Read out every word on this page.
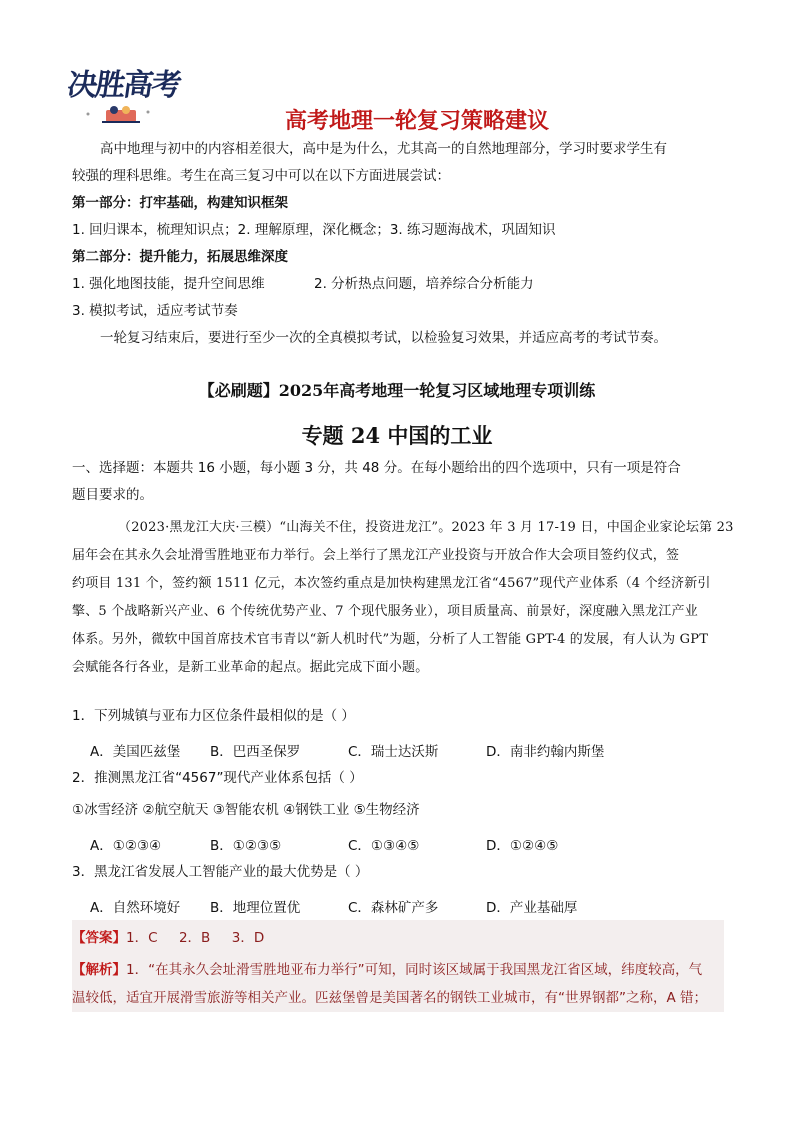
决胜高考
高考地理一轮复习策略建议
高中地理与初中的内容相差很大，高中是为什么，尤其高一的自然地理部分，学习时要求学生有
较强的理科思维。考生在高三复习中可以在以下方面进展尝试：
第一部分：打牢基础，构建知识框架
1. 回归课本，梳理知识点；2. 理解原理，深化概念；3. 练习题海战术，巩固知识
第二部分：提升能力，拓展思维深度
1. 强化地图技能，提升空间思维	2. 分析热点问题，培养综合分析能力
3. 模拟考试，适应考试节奏
一轮复习结束后，要进行至少一次的全真模拟考试，以检验复习效果，并适应高考的考试节奏。
【必刷题】2025年高考地理一轮复习区域地理专项训练
专题 24 中国的工业
一、选择题：本题共 16 小题，每小题 3 分，共 48 分。在每小题给出的四个选项中，只有一项是符合
题目要求的。
（2023·黑龙江大庆·三模）“山海关不住，投资进龙江”。2023 年 3 月 17-19 日，中国企业家论坛第 23
届年会在其永久会址滑雪胜地亚布力举行。会上举行了黑龙江产业投资与开放合作大会项目签约仪式，签
约项目 131 个，签约额 1511 亿元，本次签约重点是加快构建黑龙江省“4567”现代产业体系（4 个经济新引
擎、5 个战略新兴产业、6 个传统优势产业、7 个现代服务业），项目质量高、前景好，深度融入黑龙江产业
体系。另外，微软中国首席技术官韦青以“新人机时代”为题，分析了人工智能 GPT-4 的发展，有人认为 GPT
会赋能各行各业，是新工业革命的起点。据此完成下面小题。
1．下列城镇与亚布力区位条件最相似的是（ ）
A．美国匹兹堡 B．巴西圣保罗	C．瑞士达沃斯	D．南非约翰内斯堡
2．推测黑龙江省“4567”现代产业体系包括（ ）
①冰雪经济 ②航空航天 ③智能农机 ④钢铁工业 ⑤生物经济
A．①②③④	B．①②③⑤	C．①③④⑤	D．①②④⑤
3．黑龙江省发展人工智能产业的最大优势是（ ）
A．自然环境好 B．地理位置优	C．森林矿产多	D．产业基础厚
【答案】1．C     2．B     3．D
【解析】1．“在其永久会址滑雪胜地亚布力举行”可知，同时该区域属于我国黑龙江省区域，纬度较高，气
温较低，适宜开展滑雪旅游等相关产业。匹兹堡曾是美国著名的钢铁工业城市，有“世界钢都”之称，A 错；
